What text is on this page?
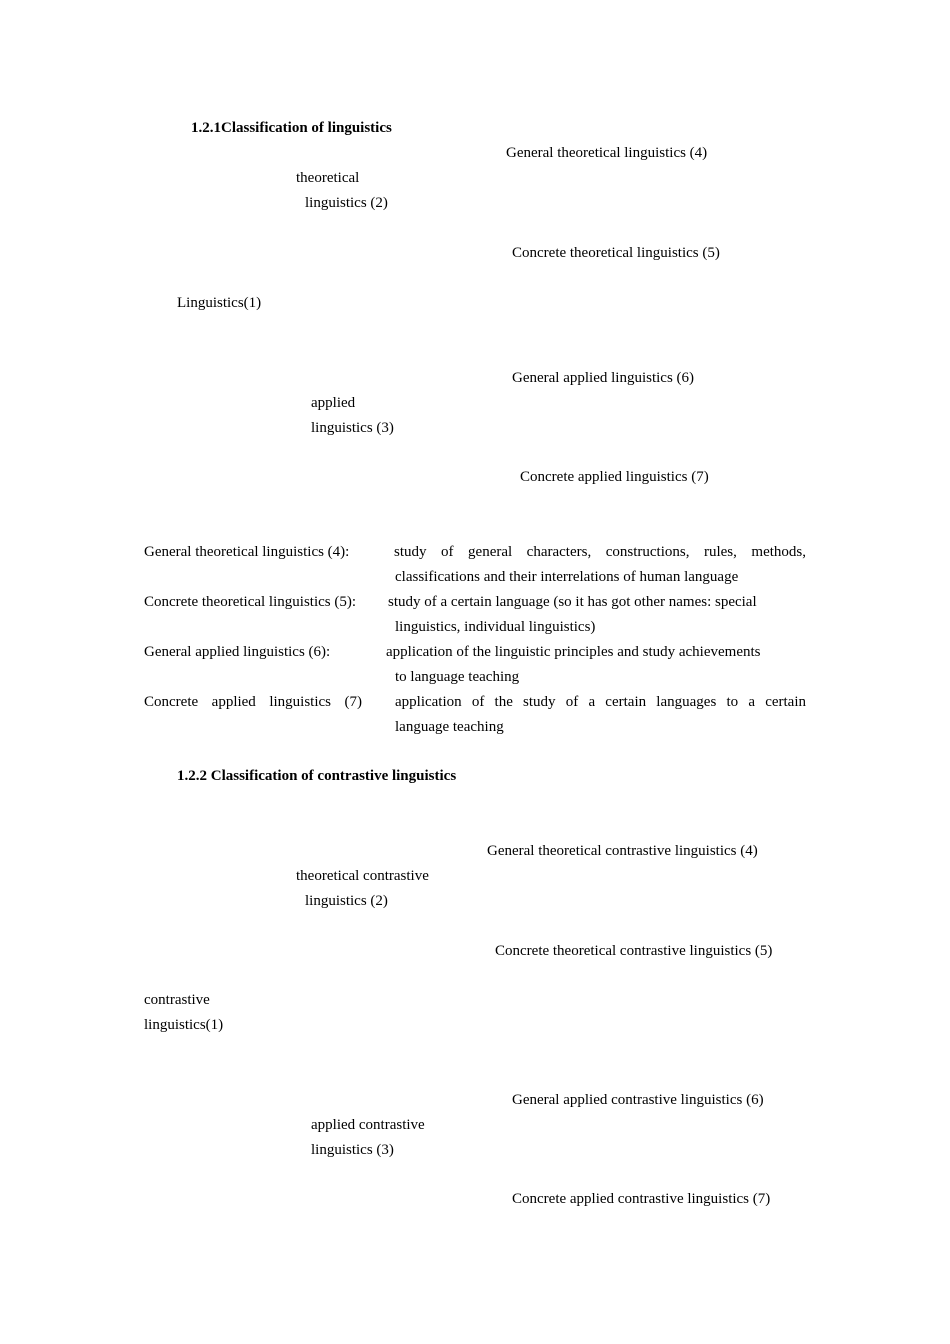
1.2.1Classification of linguistics
General theoretical linguistics (4)
theoretical
linguistics (2)
Concrete theoretical linguistics (5)
Linguistics(1)
General applied linguistics (6)
applied
linguistics (3)
Concrete applied linguistics (7)
General theoretical linguistics (4):	study of general characters, constructions, rules, methods,
classifications and their interrelations of human language
Concrete theoretical linguistics (5): study of a certain language (so it has got other names: special
linguistics, individual linguistics)
General applied linguistics (6):	application of the linguistic principles and study achievements
to language teaching
Concrete applied linguistics (7) application of the study of a certain languages to a certain
language teaching
1.2.2 Classification of contrastive linguistics
General theoretical contrastive linguistics (4)
theoretical contrastive
linguistics (2)
Concrete theoretical contrastive linguistics (5)
contrastive
linguistics(1)
General applied contrastive linguistics (6)
applied contrastive
linguistics (3)
Concrete applied contrastive linguistics (7)
